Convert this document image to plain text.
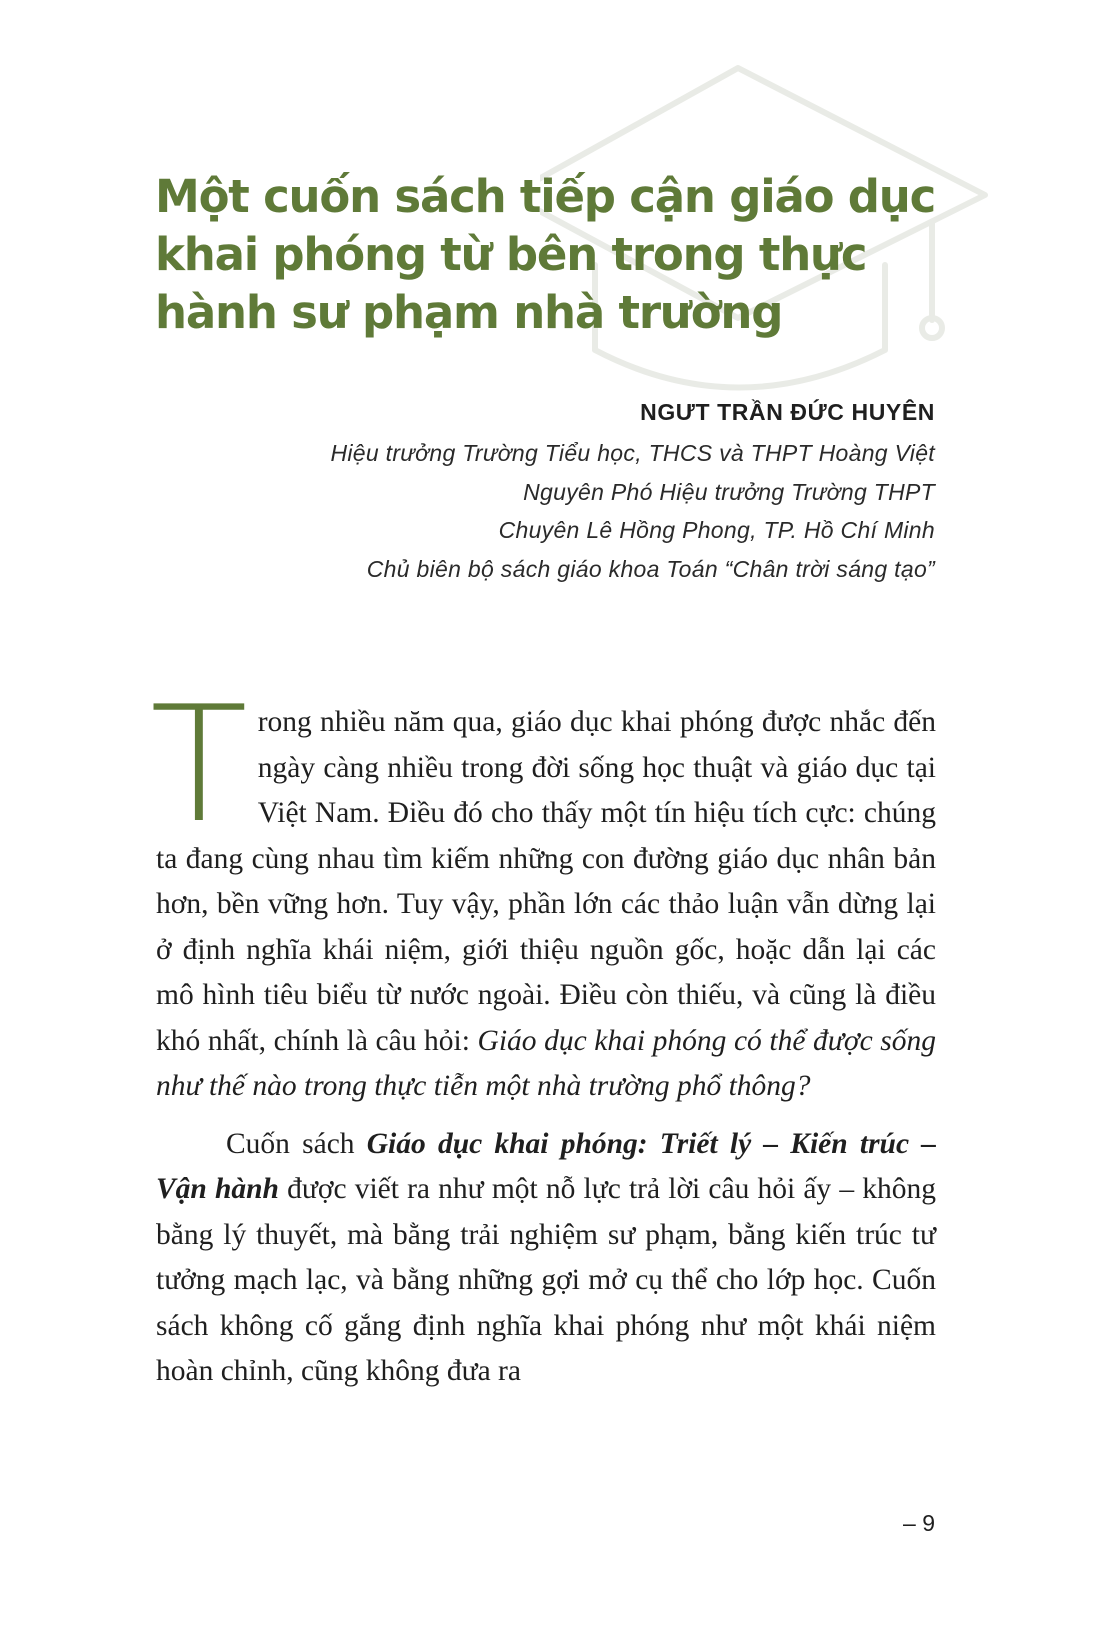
Một cuốn sách tiếp cận giáo dục khai phóng từ bên trong thực hành sư phạm nhà trường
NGƯT TRẦN ĐỨC HUYÊN
Hiệu trưởng Trường Tiểu học, THCS và THPT Hoàng Việt
Nguyên Phó Hiệu trưởng Trường THPT
Chuyên Lê Hồng Phong, TP. Hồ Chí Minh
Chủ biên bộ sách giáo khoa Toán “Chân trời sáng tạo”

Trong nhiều năm qua, giáo dục khai phóng được nhắc đến ngày càng nhiều trong đời sống học thuật và giáo dục tại Việt Nam. Điều đó cho thấy một tín hiệu tích cực: chúng ta đang cùng nhau tìm kiếm những con đường giáo dục nhân bản hơn, bền vững hơn. Tuy vậy, phần lớn các thảo luận vẫn dừng lại ở định nghĩa khái niệm, giới thiệu nguồn gốc, hoặc dẫn lại các mô hình tiêu biểu từ nước ngoài. Điều còn thiếu, và cũng là điều khó nhất, chính là câu hỏi: Giáo dục khai phóng có thể được sống như thế nào trong thực tiễn một nhà trường phổ thông?

Cuốn sách Giáo dục khai phóng: Triết lý – Kiến trúc – Vận hành được viết ra như một nỗ lực trả lời câu hỏi ấy – không bằng lý thuyết, mà bằng trải nghiệm sư phạm, bằng kiến trúc tư tưởng mạch lạc, và bằng những gợi mở cụ thể cho lớp học. Cuốn sách không cố gắng định nghĩa khai phóng như một khái niệm hoàn chỉnh, cũng không đưa ra

– 9
